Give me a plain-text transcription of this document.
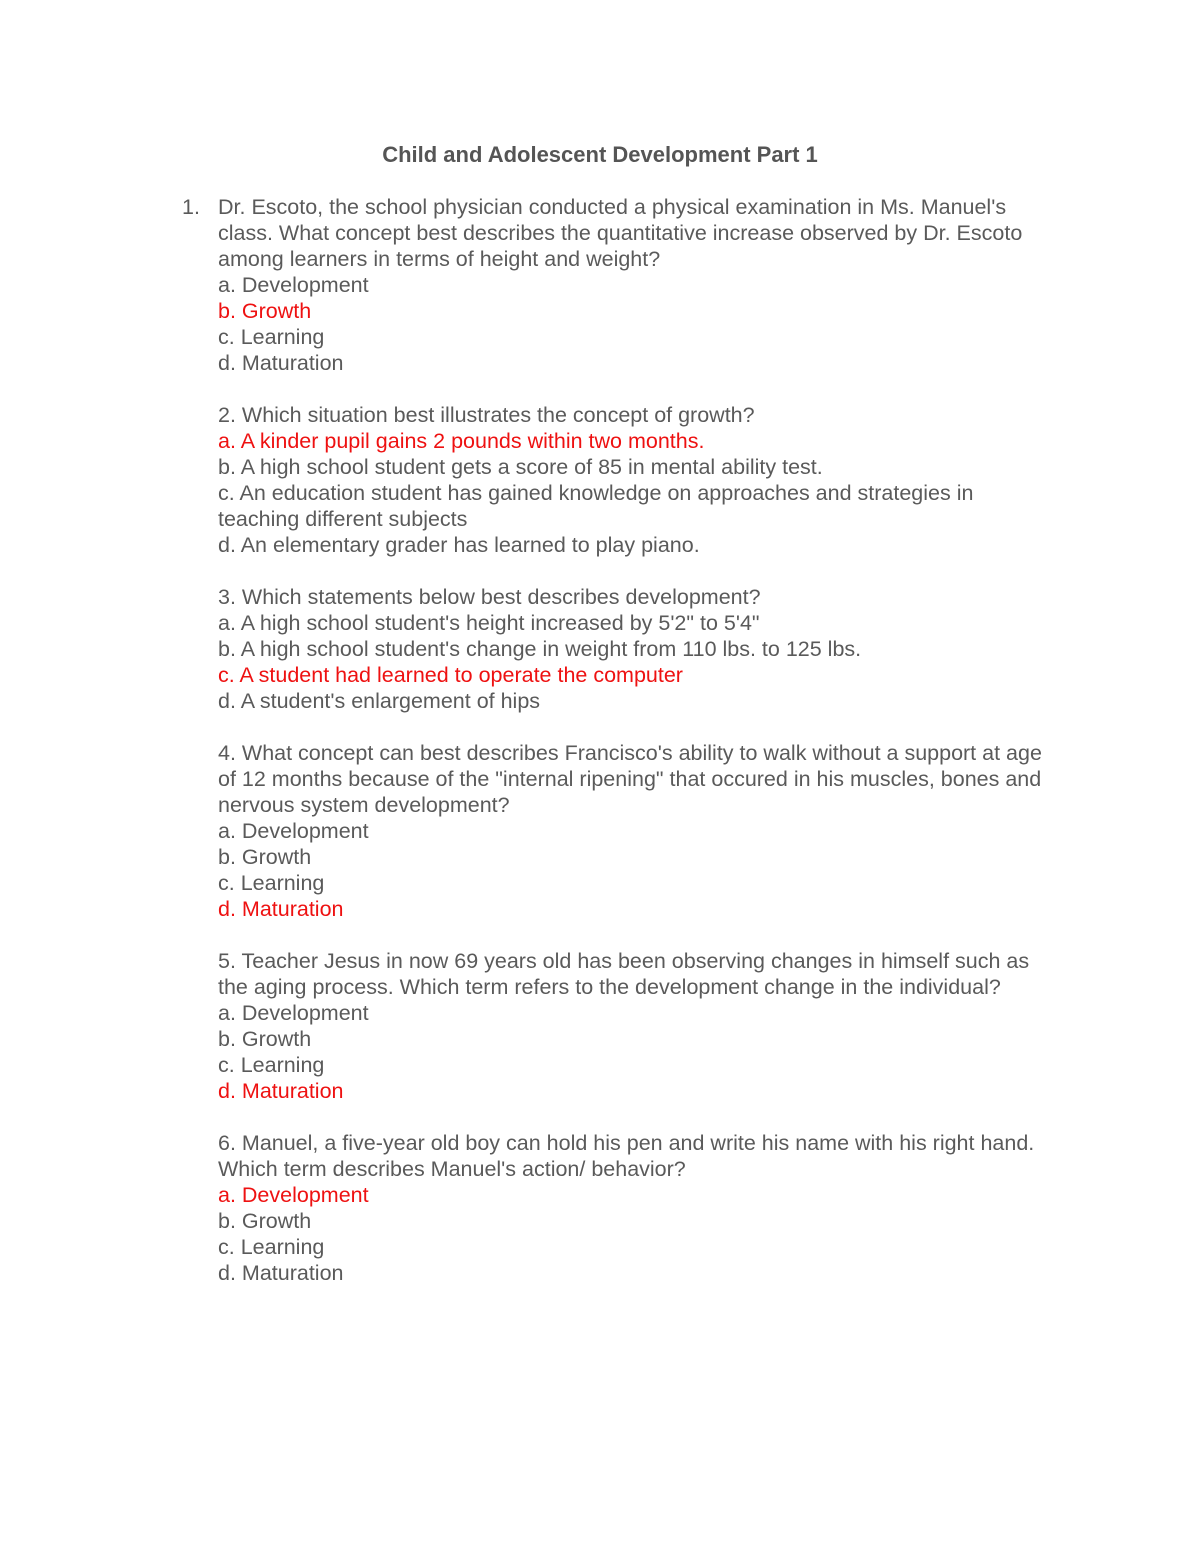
Child and Adolescent Development Part 1
1. Dr. Escoto, the school physician conducted a physical examination in Ms. Manuel's class. What concept best describes the quantitative increase observed by Dr. Escoto among learners in terms of height and weight?

a. Development

b. Growth

c. Learning

d. Maturation

2. Which situation best illustrates the concept of growth?

a. A kinder pupil gains 2 pounds within two months.

b. A high school student gets a score of 85 in mental ability test.

c. An education student has gained knowledge on approaches and strategies in teaching different subjects

d. An elementary grader has learned to play piano.

3. Which statements below best describes development?

a. A high school student's height increased by 5'2" to 5'4"

b. A high school student's change in weight from 110 lbs. to 125 lbs.

c. A student had learned to operate the computer

d. A student's enlargement of hips

4. What concept can best describes Francisco's ability to walk without a support at age of 12 months because of the "internal ripening" that occured in his muscles, bones and nervous system development?

a. Development

b. Growth

c. Learning

d. Maturation

5. Teacher Jesus in now 69 years old has been observing changes in himself such as the aging process. Which term refers to the development change in the individual?

a. Development

b. Growth

c. Learning

d. Maturation

6. Manuel, a five-year old boy can hold his pen and write his name with his right hand. Which term describes Manuel's action/ behavior?

a. Development

b. Growth

c. Learning

d. Maturation
